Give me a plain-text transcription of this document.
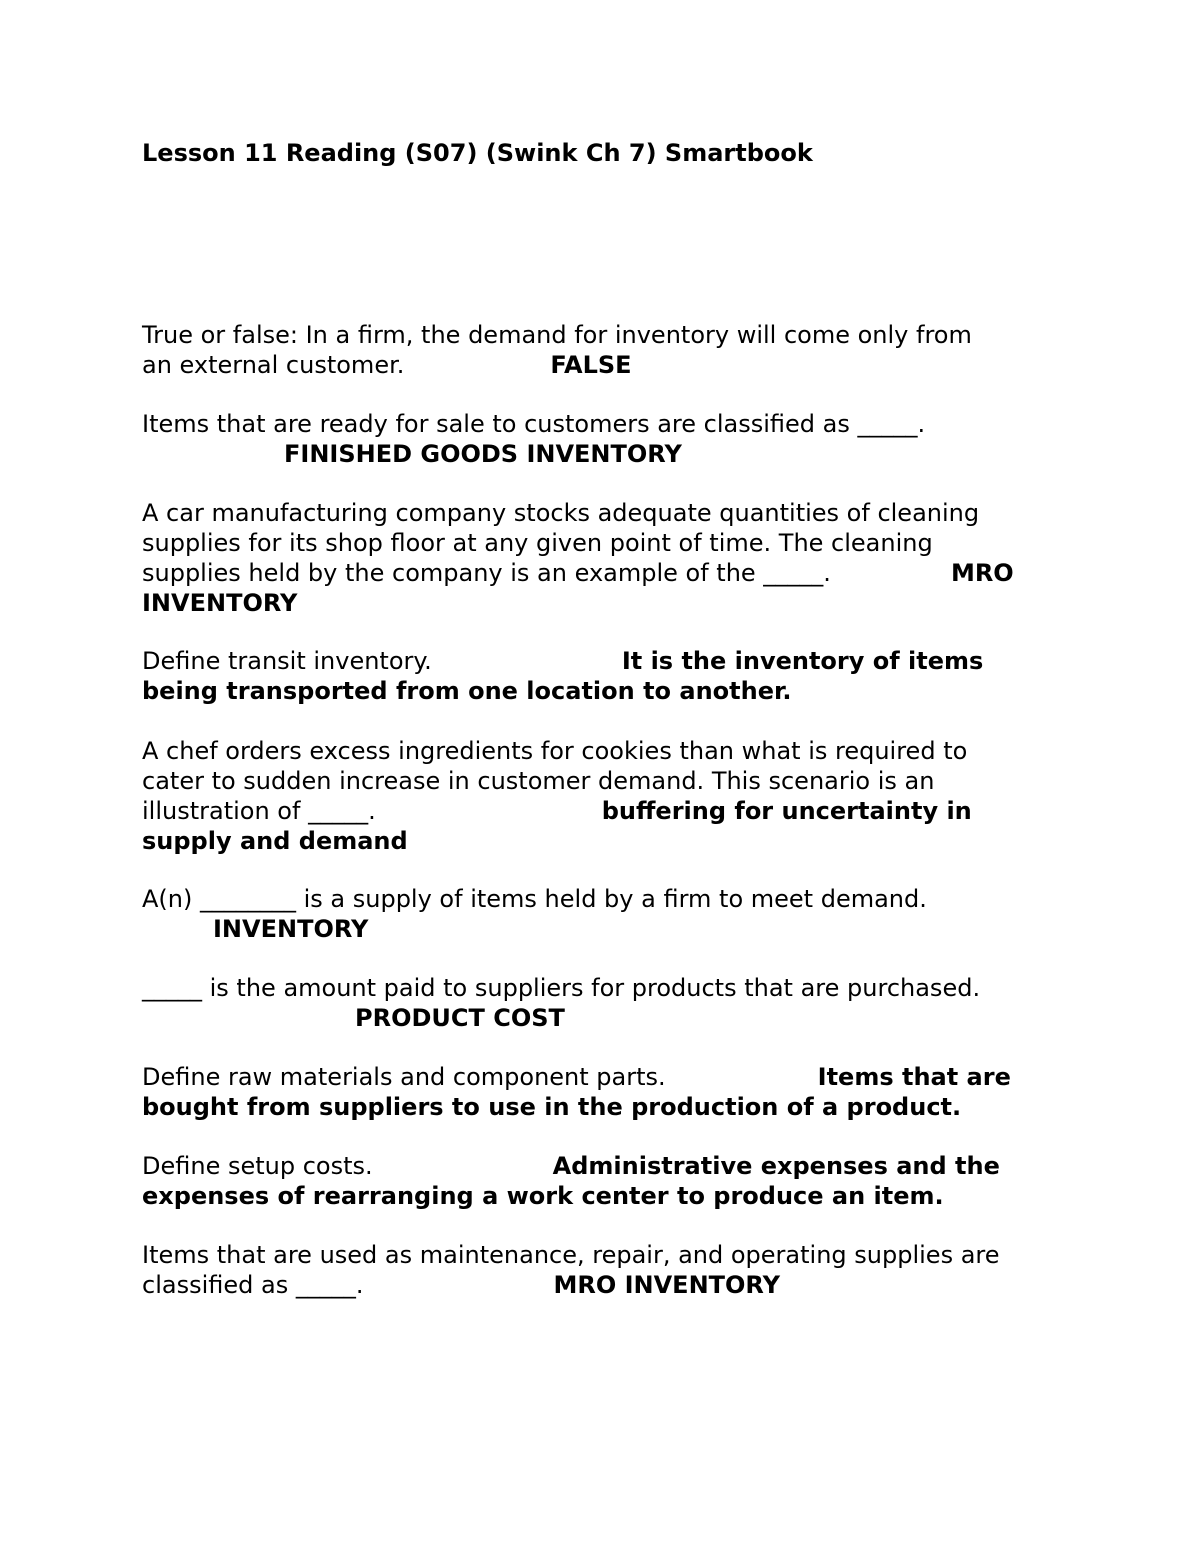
Lesson 11 Reading (S07) (Swink Ch 7) Smartbook

True or false: In a firm, the demand for inventory will come only from
an external customer.	FALSE
Items that are ready for sale to customers are classified as _____.
FINISHED GOODS INVENTORY
A car manufacturing company stocks adequate quantities of cleaning
supplies for its shop floor at any given point of time. The cleaning
supplies held by the company is an example of the _____.	MRO
INVENTORY
Define transit inventory.	It is the inventory of items
being transported from one location to another.
A chef orders excess ingredients for cookies than what is required to
cater to sudden increase in customer demand. This scenario is an
illustration of _____.	buffering for uncertainty in
supply and demand
A(n) ________ is a supply of items held by a firm to meet demand.
INVENTORY
_____ is the amount paid to suppliers for products that are purchased.
PRODUCT COST
Define raw materials and component parts.	Items that are
bought from suppliers to use in the production of a product.
Define setup costs.	Administrative expenses and the
expenses of rearranging a work center to produce an item.
Items that are used as maintenance, repair, and operating supplies are
classified as _____.	MRO INVENTORY
